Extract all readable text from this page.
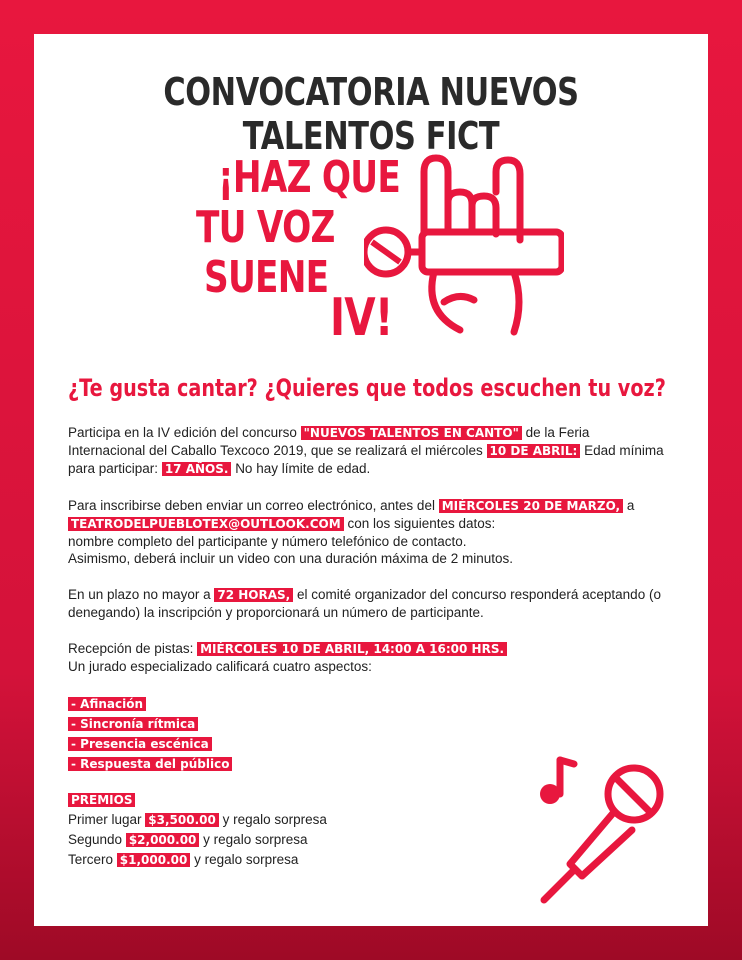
CONVOCATORIA NUEVOS TALENTOS FICT
¡HAZ QUE
TU VOZ
SUENE
IV!
¿Te gusta cantar? ¿Quieres que todos escuchen tu voz?

Participa en la IV edición del concurso "NUEVOS TALENTOS EN CANTO" de la Feria Internacional del Caballo Texcoco 2019, que se realizará el miércoles 10 DE ABRIL: Edad mínima para participar: 17 AÑOS. No hay límite de edad.

Para inscribirse deben enviar un correo electrónico, antes del MIÉRCOLES 20 DE MARZO, a
TEATRODELPUEBLOTEX@OUTLOOK.COM con los siguientes datos:
nombre completo del participante y número telefónico de contacto.
Asimismo, deberá incluir un video con una duración máxima de 2 minutos.

En un plazo no mayor a 72 HORAS, el comité organizador del concurso responderá aceptando (o denegando) la inscripción y proporcionará un número de participante.

Recepción de pistas: MIÉRCOLES 10 DE ABRIL, 14:00 A 16:00 HRS.
Un jurado especializado calificará cuatro aspectos:

- Afinación
- Sincronía rítmica
- Presencia escénica
- Respuesta del público
PREMIOS
Primer lugar $3,500.00 y regalo sorpresa
Segundo $2,000.00 y regalo sorpresa
Tercero $1,000.00 y regalo sorpresa
